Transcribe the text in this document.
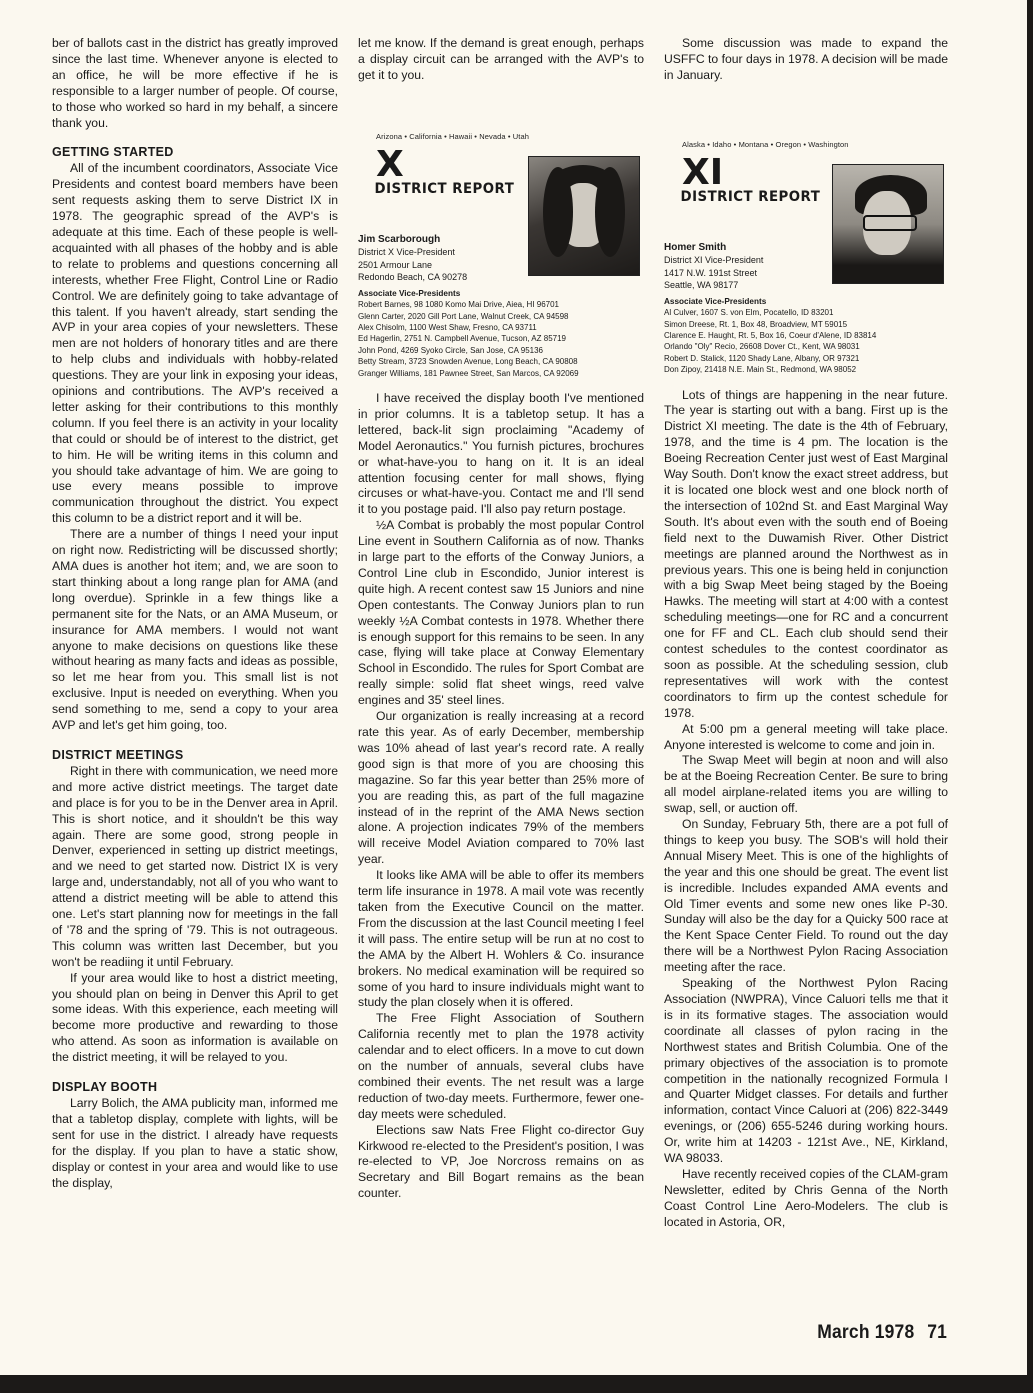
ber of ballots cast in the district has greatly improved since the last time. Whenever anyone is elected to an office, he will be more effective if he is responsible to a larger number of people. Of course, to those who worked so hard in my behalf, a sincere thank you.

GETTING STARTED

All of the incumbent coordinators, Associate Vice Presidents and contest board members have been sent requests asking them to serve District IX in 1978. The geographic spread of the AVP's is adequate at this time. Each of these people is well-acquainted with all phases of the hobby and is able to relate to problems and questions concerning all interests, whether Free Flight, Control Line or Radio Control. We are definitely going to take advantage of this talent. If you haven't already, start sending the AVP in your area copies of your newsletters. These men are not holders of honorary titles and are there to help clubs and individuals with hobby-related questions. They are your link in exposing your ideas, opinions and contributions. The AVP's received a letter asking for their contributions to this monthly column. If you feel there is an activity in your locality that could or should be of interest to the district, get to him. He will be writing items in this column and you should take advantage of him. We are going to use every means possible to improve communication throughout the district. You expect this column to be a district report and it will be.

There are a number of things I need your input on right now. Redistricting will be discussed shortly; AMA dues is another hot item; and, we are soon to start thinking about a long range plan for AMA (and long overdue). Sprinkle in a few things like a permanent site for the Nats, or an AMA Museum, or insurance for AMA members. I would not want anyone to make decisions on questions like these without hearing as many facts and ideas as possible, so let me hear from you. This small list is not exclusive. Input is needed on everything. When you send something to me, send a copy to your area AVP and let's get him going, too.

DISTRICT MEETINGS

Right in there with communication, we need more and more active district meetings. The target date and place is for you to be in the Denver area in April. This is short notice, and it shouldn't be this way again. There are some good, strong people in Denver, experienced in setting up district meetings, and we need to get started now. District IX is very large and, understandably, not all of you who want to attend a district meeting will be able to attend this one. Let's start planning now for meetings in the fall of '78 and the spring of '79. This is not outrageous. This column was written last December, but you won't be readiing it until February.

If your area would like to host a district meeting, you should plan on being in Denver this April to get some ideas. With this experience, each meeting will become more productive and rewarding to those who attend. As soon as information is available on the district meeting, it will be relayed to you.

DISPLAY BOOTH

Larry Bolich, the AMA publicity man, informed me that a tabletop display, complete with lights, will be sent for use in the district. I already have requests for the display. If you plan to have a static show, display or contest in your area and would like to use the display,

let me know. If the demand is great enough, perhaps a display circuit can be arranged with the AVP's to get it to you.

Arizona • California • Hawaii • Nevada • Utah

X

DISTRICT REPORT

Jim Scarborough
District X Vice-President
2501 Armour Lane
Redondo Beach, CA 90278
Associate Vice-Presidents
Robert Barnes, 98 1080 Komo Mai Drive, Aiea, HI 96701
Glenn Carter, 2020 Gill Port Lane, Walnut Creek, CA 94598
Alex Chisolm, 1100 West Shaw, Fresno, CA 93711
Ed Hagerlin, 2751 N. Campbell Avenue, Tucson, AZ 85719
John Pond, 4269 Syoko Circle, San Jose, CA 95136
Betty Stream, 3723 Snowden Avenue, Long Beach, CA 90808
Granger Williams, 181 Pawnee Street, San Marcos, CA 92069

I have received the display booth I've mentioned in prior columns. It is a tabletop setup. It has a lettered, back-lit sign proclaiming "Academy of Model Aeronautics." You furnish pictures, brochures or what-have-you to hang on it. It is an ideal attention focusing center for mall shows, flying circuses or what-have-you. Contact me and I'll send it to you postage paid. I'll also pay return postage.

½A Combat is probably the most popular Control Line event in Southern California as of now. Thanks in large part to the efforts of the Conway Juniors, a Control Line club in Escondido, Junior interest is quite high. A recent contest saw 15 Juniors and nine Open contestants. The Conway Juniors plan to run weekly ½A Combat contests in 1978. Whether there is enough support for this remains to be seen. In any case, flying will take place at Conway Elementary School in Escondido. The rules for Sport Combat are really simple: solid flat sheet wings, reed valve engines and 35' steel lines.

Our organization is really increasing at a record rate this year. As of early December, membership was 10% ahead of last year's record rate. A really good sign is that more of you are choosing this magazine. So far this year better than 25% more of you are reading this, as part of the full magazine instead of in the reprint of the AMA News section alone. A projection indicates 79% of the members will receive Model Aviation compared to 70% last year.

It looks like AMA will be able to offer its members term life insurance in 1978. A mail vote was recently taken from the Executive Council on the matter. From the discussion at the last Council meeting I feel it will pass. The entire setup will be run at no cost to the AMA by the Albert H. Wohlers & Co. insurance brokers. No medical examination will be required so some of you hard to insure individuals might want to study the plan closely when it is offered.

The Free Flight Association of Southern California recently met to plan the 1978 activity calendar and to elect officers. In a move to cut down on the number of annuals, several clubs have combined their events. The net result was a large reduction of two-day meets. Furthermore, fewer one-day meets were scheduled.

Elections saw Nats Free Flight co-director Guy Kirkwood re-elected to the President's position, I was re-elected to VP, Joe Norcross remains on as Secretary and Bill Bogart remains as the bean counter.

Some discussion was made to expand the USFFC to four days in 1978. A decision will be made in January.

Alaska • Idaho • Montana • Oregon • Washington

XI

DISTRICT REPORT

Homer Smith
District XI Vice-President
1417 N.W. 191st Street
Seattle, WA 98177
Associate Vice-Presidents
Al Culver, 1607 S. von Elm, Pocatello, ID 83201
Simon Dreese, Rt. 1, Box 48, Broadview, MT 59015
Clarence E. Haught, Rt. 5, Box 16, Coeur d'Alene, ID 83814
Orlando "Oly" Recio, 26608 Dover Ct., Kent, WA 98031
Robert D. Stalick, 1120 Shady Lane, Albany, OR 97321
Don Zipoy, 21418 N.E. Main St., Redmond, WA 98052

Lots of things are happening in the near future. The year is starting out with a bang. First up is the District XI meeting. The date is the 4th of February, 1978, and the time is 4 pm. The location is the Boeing Recreation Center just west of East Marginal Way South. Don't know the exact street address, but it is located one block west and one block north of the intersection of 102nd St. and East Marginal Way South. It's about even with the south end of Boeing field next to the Duwamish River. Other District meetings are planned around the Northwest as in previous years. This one is being held in conjunction with a big Swap Meet being staged by the Boeing Hawks. The meeting will start at 4:00 with a contest scheduling meetings—one for RC and a concurrent one for FF and CL. Each club should send their contest schedules to the contest coordinator as soon as possible. At the scheduling session, club representatives will work with the contest coordinators to firm up the contest schedule for 1978.

At 5:00 pm a general meeting will take place. Anyone interested is welcome to come and join in.

The Swap Meet will begin at noon and will also be at the Boeing Recreation Center. Be sure to bring all model airplane-related items you are willing to swap, sell, or auction off.

On Sunday, February 5th, there are a pot full of things to keep you busy. The SOB's will hold their Annual Misery Meet. This is one of the highlights of the year and this one should be great. The event list is incredible. Includes expanded AMA events and Old Timer events and some new ones like P-30. Sunday will also be the day for a Quicky 500 race at the Kent Space Center Field. To round out the day there will be a Northwest Pylon Racing Association meeting after the race.

Speaking of the Northwest Pylon Racing Association (NWPRA), Vince Caluori tells me that it is in its formative stages. The association would coordinate all classes of pylon racing in the Northwest states and British Columbia. One of the primary objectives of the association is to promote competition in the nationally recognized Formula I and Quarter Midget classes. For details and further information, contact Vince Caluori at (206) 822-3449 evenings, or (206) 655-5246 during working hours. Or, write him at 14203 - 121st Ave., NE, Kirkland, WA 98033.

Have recently received copies of the CLAM-gram Newsletter, edited by Chris Genna of the North Coast Control Line Aero-Modelers. The club is located in Astoria, OR,

March 1978 71
